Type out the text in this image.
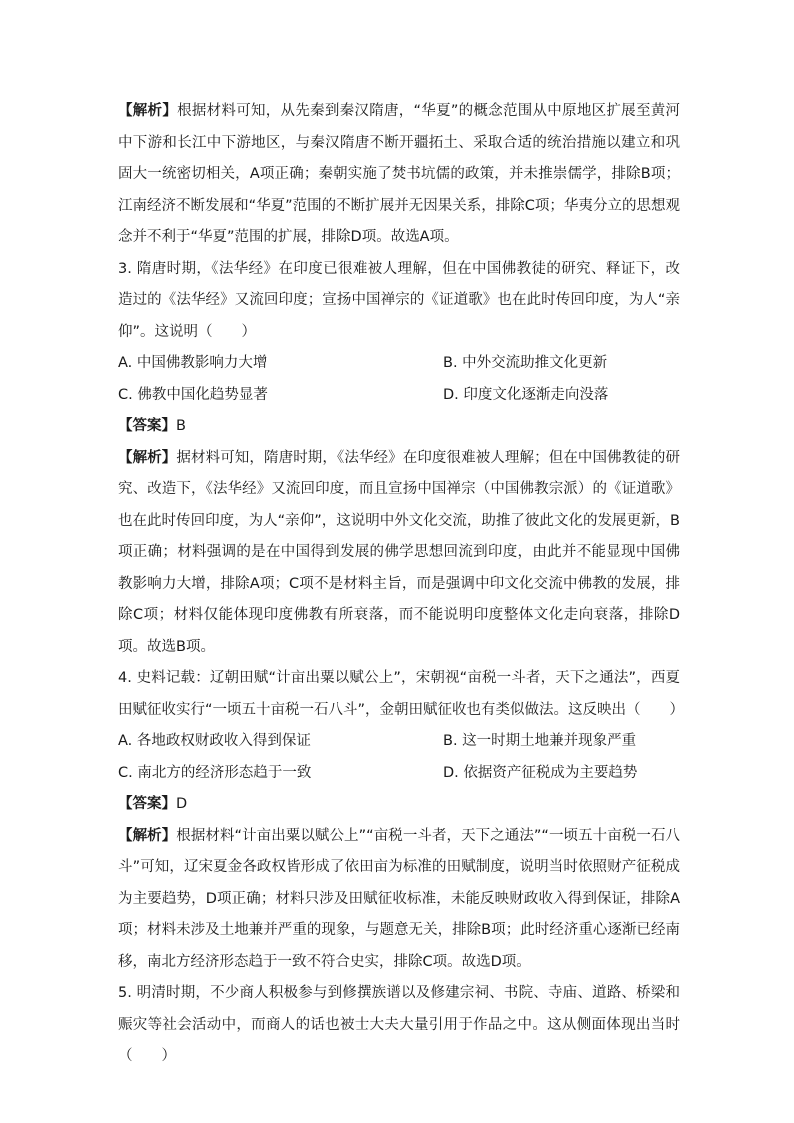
【解析】根据材料可知，从先秦到秦汉隋唐，“华夏”的概念范围从中原地区扩展至黄河中下游和长江中下游地区，与秦汉隋唐不断开疆拓土、采取合适的统治措施以建立和巩固大一统密切相关，A项正确；秦朝实施了焚书坑儒的政策，并未推崇儒学，排除B项；江南经济不断发展和“华夏”范围的不断扩展并无因果关系，排除C项；华夷分立的思想观念并不利于“华夏”范围的扩展，排除D项。故选A项。

3. 隋唐时期，《法华经》在印度已很难被人理解，但在中国佛教徒的研究、释证下，改造过的《法华经》又流回印度；宣扬中国禅宗的《证道歌》也在此时传回印度，为人“亲仰”。这说明（　　）

A. 中国佛教影响力大增	B. 中外交流助推文化更新

C. 佛教中国化趋势显著	D. 印度文化逐渐走向没落

【答案】B

【解析】据材料可知，隋唐时期，《法华经》在印度很难被人理解；但在中国佛教徒的研究、改造下，《法华经》又流回印度，而且宣扬中国禅宗（中国佛教宗派）的《证道歌》也在此时传回印度，为人“亲仰”，这说明中外文化交流，助推了彼此文化的发展更新，B项正确；材料强调的是在中国得到发展的佛学思想回流到印度，由此并不能显现中国佛教影响力大增，排除A项；C项不是材料主旨，而是强调中印文化交流中佛教的发展，排除C项；材料仅能体现印度佛教有所衰落，而不能说明印度整体文化走向衰落，排除D项。故选B项。

4. 史料记载：辽朝田赋“计亩出粟以赋公上”，宋朝视“亩税一斗者，天下之通法”，西夏田赋征收实行“一顷五十亩税一石八斗”，金朝田赋征收也有类似做法。这反映出（　　）

A. 各地政权财政收入得到保证	B. 这一时期土地兼并现象严重

C. 南北方的经济形态趋于一致	D. 依据资产征税成为主要趋势

【答案】D

【解析】根据材料“计亩出粟以赋公上”“亩税一斗者，天下之通法”“一顷五十亩税一石八斗”可知，辽宋夏金各政权皆形成了依田亩为标准的田赋制度，说明当时依照财产征税成为主要趋势，D项正确；材料只涉及田赋征收标准，未能反映财政收入得到保证，排除A项；材料未涉及土地兼并严重的现象，与题意无关，排除B项；此时经济重心逐渐已经南移，南北方经济形态趋于一致不符合史实，排除C项。故选D项。

5. 明清时期，不少商人积极参与到修撰族谱以及修建宗祠、书院、寺庙、道路、桥梁和赈灾等社会活动中，而商人的话也被士大夫大量引用于作品之中。这从侧面体现出当时（　　）
